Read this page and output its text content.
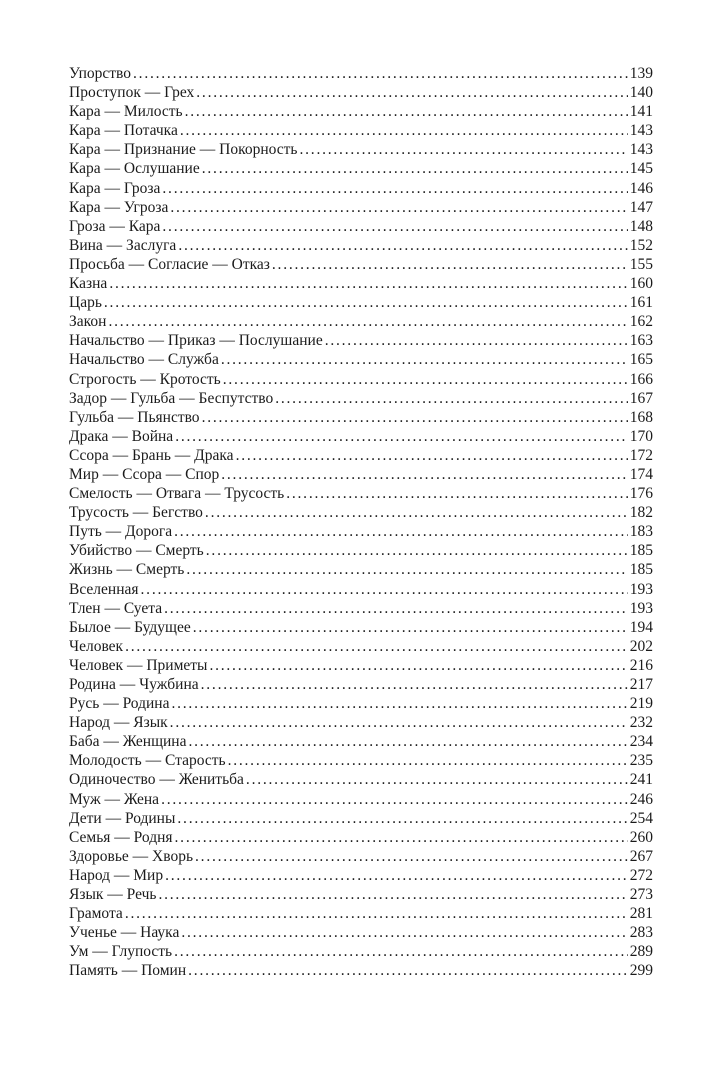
Упорство . . .	139
Проступок — Грех . . .	140
Кара — Милость . . .	141
Кара — Потачка . . .	143
Кара — Признание — Покорность . . .	143
Кара — Ослушание . . .	145
Кара — Гроза . . .	146
Кара — Угроза . . .	147
Гроза — Кара . . .	148
Вина — Заслуга . . .	152
Просьба — Согласие — Отказ . . .	155
Казна . . .	160
Царь . . .	161
Закон . . .	162
Начальство — Приказ — Послушание . . .	163
Начальство — Служба . . .	165
Строгость — Кротость . . .	166
Задор — Гульба — Беспутство . . .	167
Гульба — Пьянство . . .	168
Драка — Война . . .	170
Ссора — Брань — Драка . . .	172
Мир — Ссора — Спор . . .	174
Смелость — Отвага — Трусость . . .	176
Трусость — Бегство . . .	182
Путь — Дорога . . .	183
Убийство — Смерть . . .	185
Жизнь — Смерть . . .	185
Вселенная . . .	193
Тлен — Суета . . .	193
Былое — Будущее . . .	194
Человек . . .	202
Человек — Приметы . . .	216
Родина — Чужбина . . .	217
Русь — Родина . . .	219
Народ — Язык . . .	232
Баба — Женщина . . .	234
Молодость — Старость . . .	235
Одиночество — Женитьба . . .	241
Муж — Жена . . .	246
Дети — Родины . . .	254
Семья — Родня . . .	260
Здоровье — Хворь . . .	267
Народ — Мир . . .	272
Язык — Речь . . .	273
Грамота . . .	281
Ученье — Наука . . .	283
Ум — Глупость . . .	289
Память — Помин . . .	299
